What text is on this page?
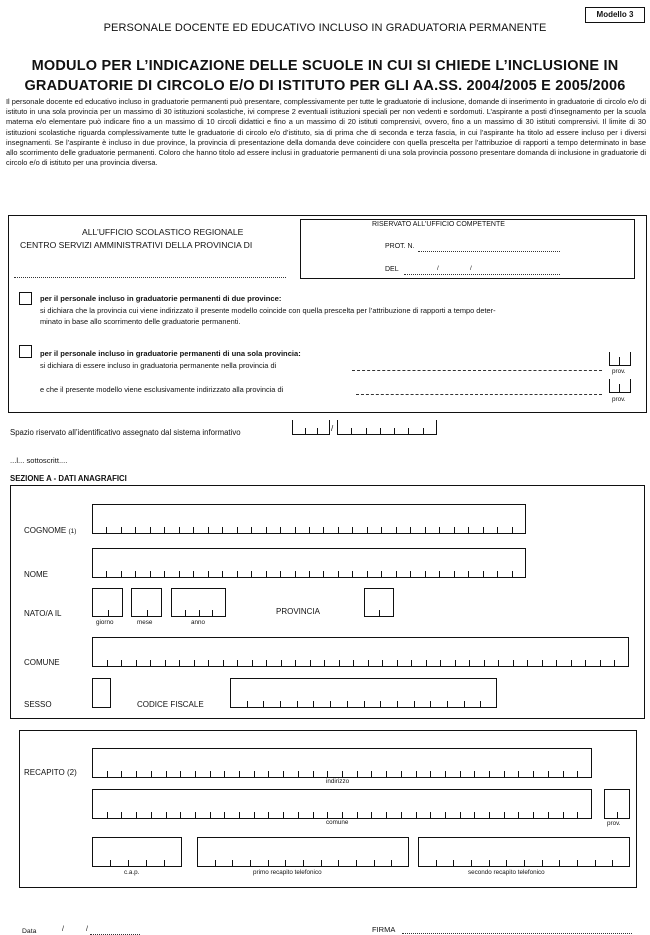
Modello 3
PERSONALE DOCENTE ED EDUCATIVO INCLUSO IN GRADUATORIA PERMANENTE
MODULO PER L’INDICAZIONE DELLE SCUOLE IN CUI SI CHIEDE L’INCLUSIONE IN
GRADUATORIE DI CIRCOLO E/O DI ISTITUTO PER GLI AA.SS. 2004/2005 E 2005/2006
Il personale docente ed educativo incluso in graduatorie permanenti può presentare, complessivamente per tutte le graduatorie di inclusione, domande di inserimento in graduatorie di circolo e/o di istituto in una sola provincia per un massimo di 30 istituzioni scolastiche, ivi comprese 2 eventuali istituzioni speciali per non vedenti e sordomuti. L’aspirante a posti d’insegnamento per la scuola materna e/o elementare può indicare fino a un massimo di 10 circoli didattici e fino a un massimo di 20 istituti comprensivi, ovvero, fino a un massimo di 30 istituti comprensivi. Il limite di 30 istituzioni scolastiche riguarda complessivamente tutte le graduatorie di circolo e/o d’istituto, sia di prima che di seconda e terza fascia, in cui l’aspirante ha titolo ad essere incluso per i diversi insegnamenti. Se l’aspirante è incluso in due province, la provincia di presentazione della domanda deve coincidere con quella prescelta per l’attribuzioe di rapporti a tempo determinato in base allo scorrimento delle graduatorie permanenti. Coloro che hanno titolo ad essere inclusi in graduatorie permanenti di una sola provincia possono presentare domanda di inclusione in graduatorie di circolo e/o di istituto per una provincia diversa.
ALL’UFFICIO SCOLASTICO REGIONALE
CENTRO SERVIZI AMMINISTRATIVI DELLA PROVINCIA DI
RISERVATO ALL’UFFICIO COMPETENTE
PROT. N.
DEL	/	/
per il personale incluso in graduatorie permanenti di due province:
si dichiara che la provincia cui viene indirizzato il presente modello coincide con quella prescelta per l’attribuzione di rapporti a tempo deter-
minato in base allo scorrimento delle graduatorie permanenti.
per il personale incluso in graduatorie permanenti di una sola provincia:
si dichiara di essere incluso in graduatoria permanente nella provincia di
prov.
e che il presente modello viene esclusivamente indirizzato alla provincia di
prov.
Spazio riservato all’identificativo assegnato dal sistema informativo	/
...l... sottoscritt....
SEZIONE A - DATI ANAGRAFICI
COGNOME (1)
NOME
NATO/A IL
giorno	mese	anno
PROVINCIA
COMUNE
SESSO	CODICE FISCALE
RECAPITO (2)
indirizzo
comune	prov.
c.a.p.	primo recapito telefonico	secondo recapito telefonico
Data	/	/	FIRMA
